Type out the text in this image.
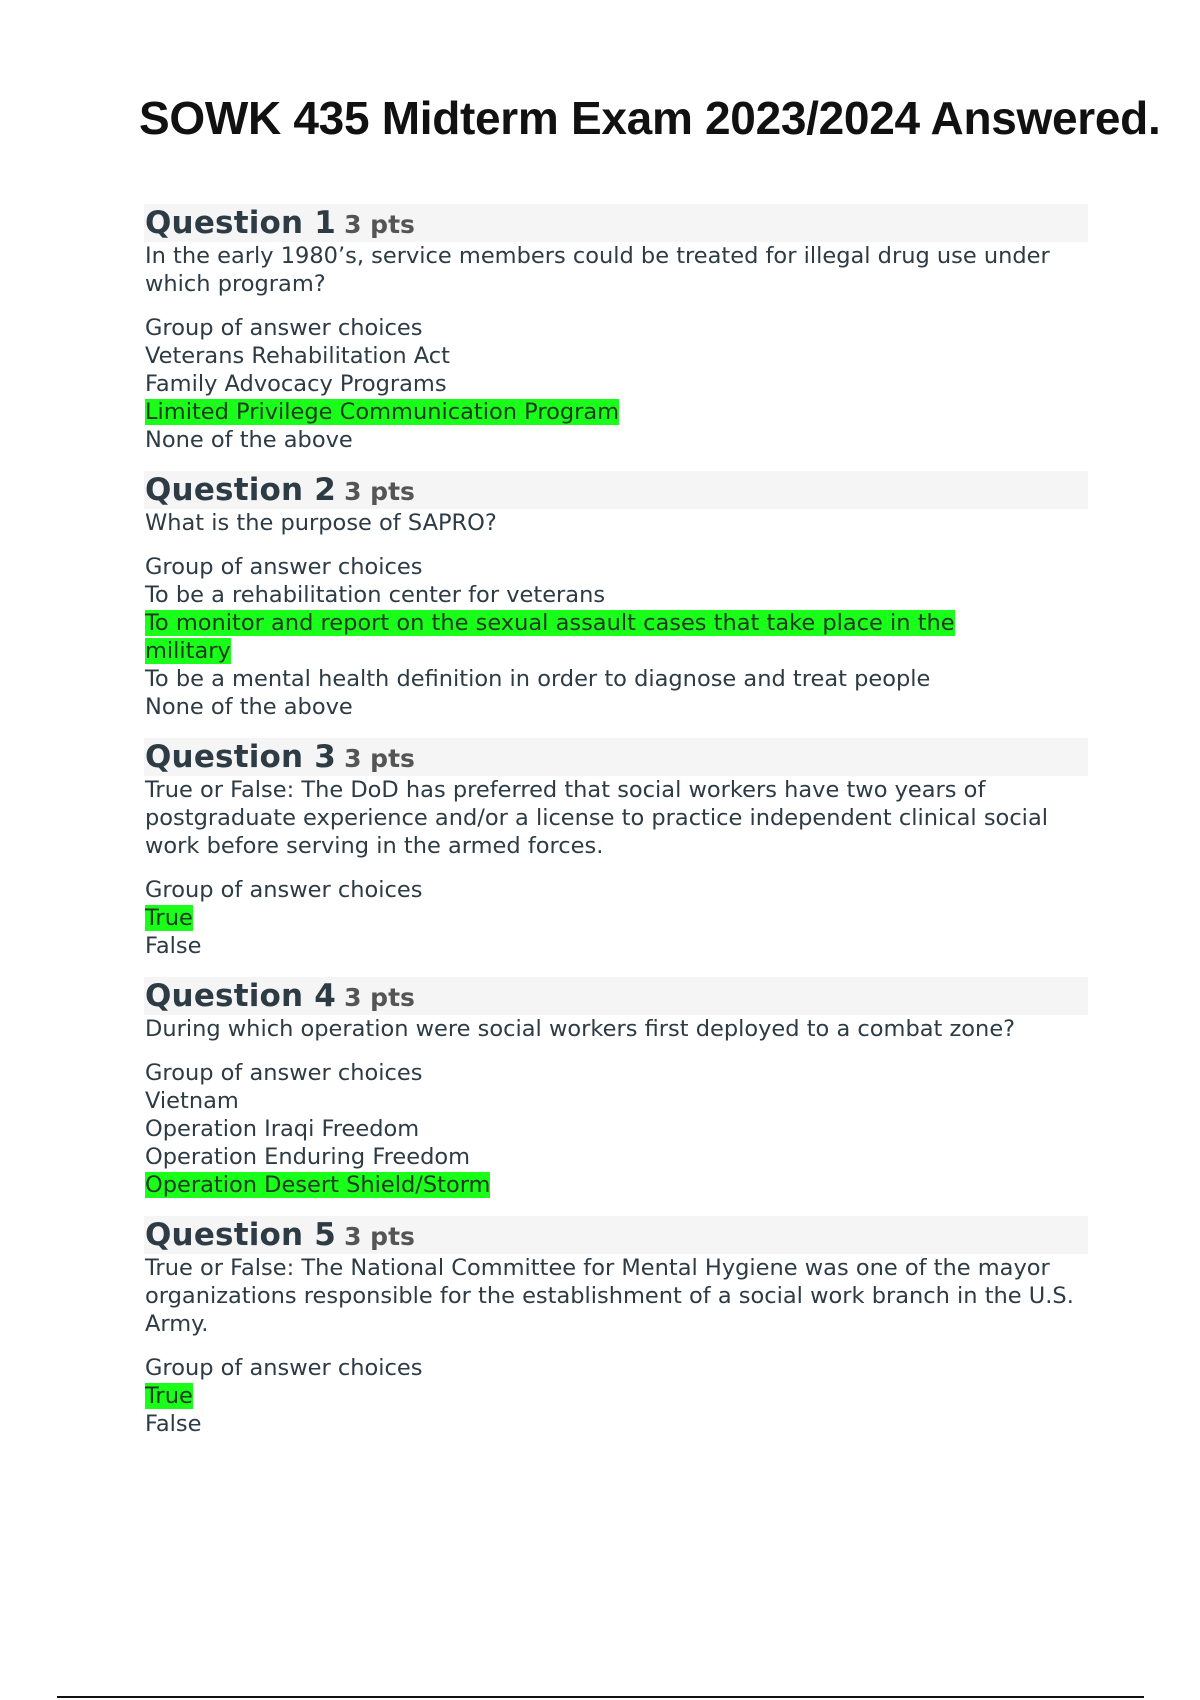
SOWK 435 Midterm Exam 2023/2024 Answered.
Question 1 3 pts
In the early 1980’s, service members could be treated for illegal drug use under which program?
Group of answer choices
Veterans Rehabilitation Act
Family Advocacy Programs
Limited Privilege Communication Program
None of the above
Question 2 3 pts
What is the purpose of SAPRO?
Group of answer choices
To be a rehabilitation center for veterans
To monitor and report on the sexual assault cases that take place in the military
To be a mental health definition in order to diagnose and treat people
None of the above
Question 3 3 pts
True or False: The DoD has preferred that social workers have two years of postgraduate experience and/or a license to practice independent clinical social work before serving in the armed forces.
Group of answer choices
True
False
Question 4 3 pts
During which operation were social workers first deployed to a combat zone?
Group of answer choices
Vietnam
Operation Iraqi Freedom
Operation Enduring Freedom
Operation Desert Shield/Storm
Question 5 3 pts
True or False: The National Committee for Mental Hygiene was one of the mayor organizations responsible for the establishment of a social work branch in the U.S. Army.
Group of answer choices
True
False
